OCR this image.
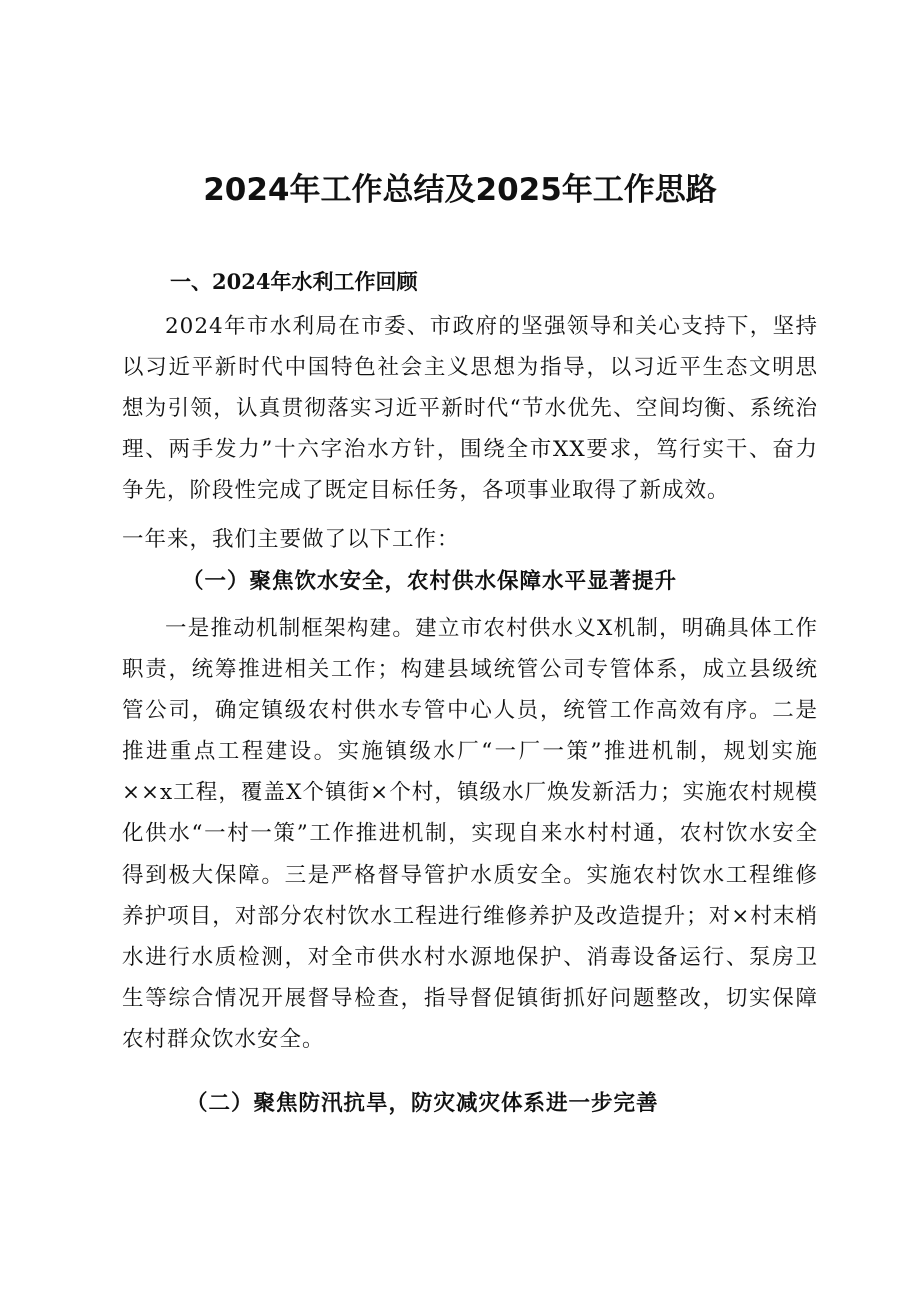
2024年工作总结及2025年工作思路
一、2024年水利工作回顾
2024年市水利局在市委、市政府的坚强领导和关心支持下，坚持以习近平新时代中国特色社会主义思想为指导，以习近平生态文明思想为引领，认真贯彻落实习近平新时代“节水优先、空间均衡、系统治理、两手发力”十六字治水方针，围绕全市XX要求，笃行实干、奋力争先，阶段性完成了既定目标任务，各项事业取得了新成效。
一年来，我们主要做了以下工作：
（一）聚焦饮水安全，农村供水保障水平显著提升
一是推动机制框架构建。建立市农村供水义X机制，明确具体工作职责，统筹推进相关工作；构建县域统管公司专管体系，成立县级统管公司，确定镇级农村供水专管中心人员，统管工作高效有序。二是推进重点工程建设。实施镇级水厂“一厂一策”推进机制，规划实施××x工程，覆盖X个镇街×个村，镇级水厂焕发新活力；实施农村规模化供水“一村一策”工作推进机制，实现自来水村村通，农村饮水安全得到极大保障。三是严格督导管护水质安全。实施农村饮水工程维修养护项目，对部分农村饮水工程进行维修养护及改造提升；对×村末梢水进行水质检测，对全市供水村水源地保护、消毒设备运行、泵房卫生等综合情况开展督导检查，指导督促镇街抓好问题整改，切实保障农村群众饮水安全。
（二）聚焦防汛抗旱，防灾减灾体系进一步完善
